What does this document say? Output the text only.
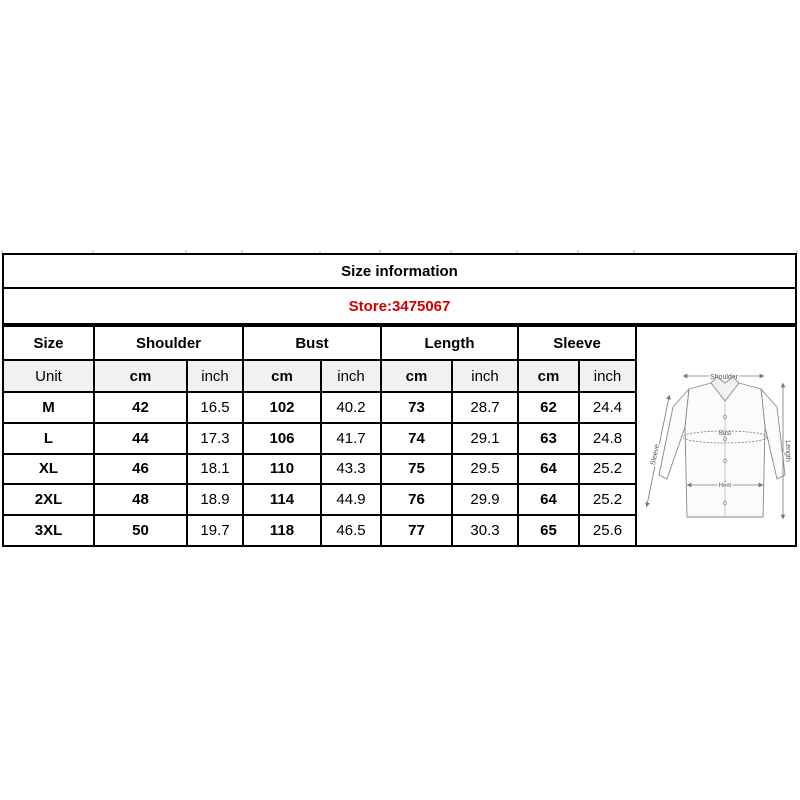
Size information
Store:3475067
Size	Shoulder		Bust		Length		Sleeve	
Unit	cm	inch	cm	inch	cm	inch	cm	inch
M	42	16.5	102	40.2	73	28.7	62	24.4
L	44	17.3	106	41.7	74	29.1	63	24.8
XL	46	18.1	110	43.3	75	29.5	64	25.2
2XL	48	18.9	114	44.9	76	29.9	64	25.2
3XL	50	19.7	118	46.5	77	30.3	65	25.6
Shoulder
Bust
Hem
Sleeve	Length
